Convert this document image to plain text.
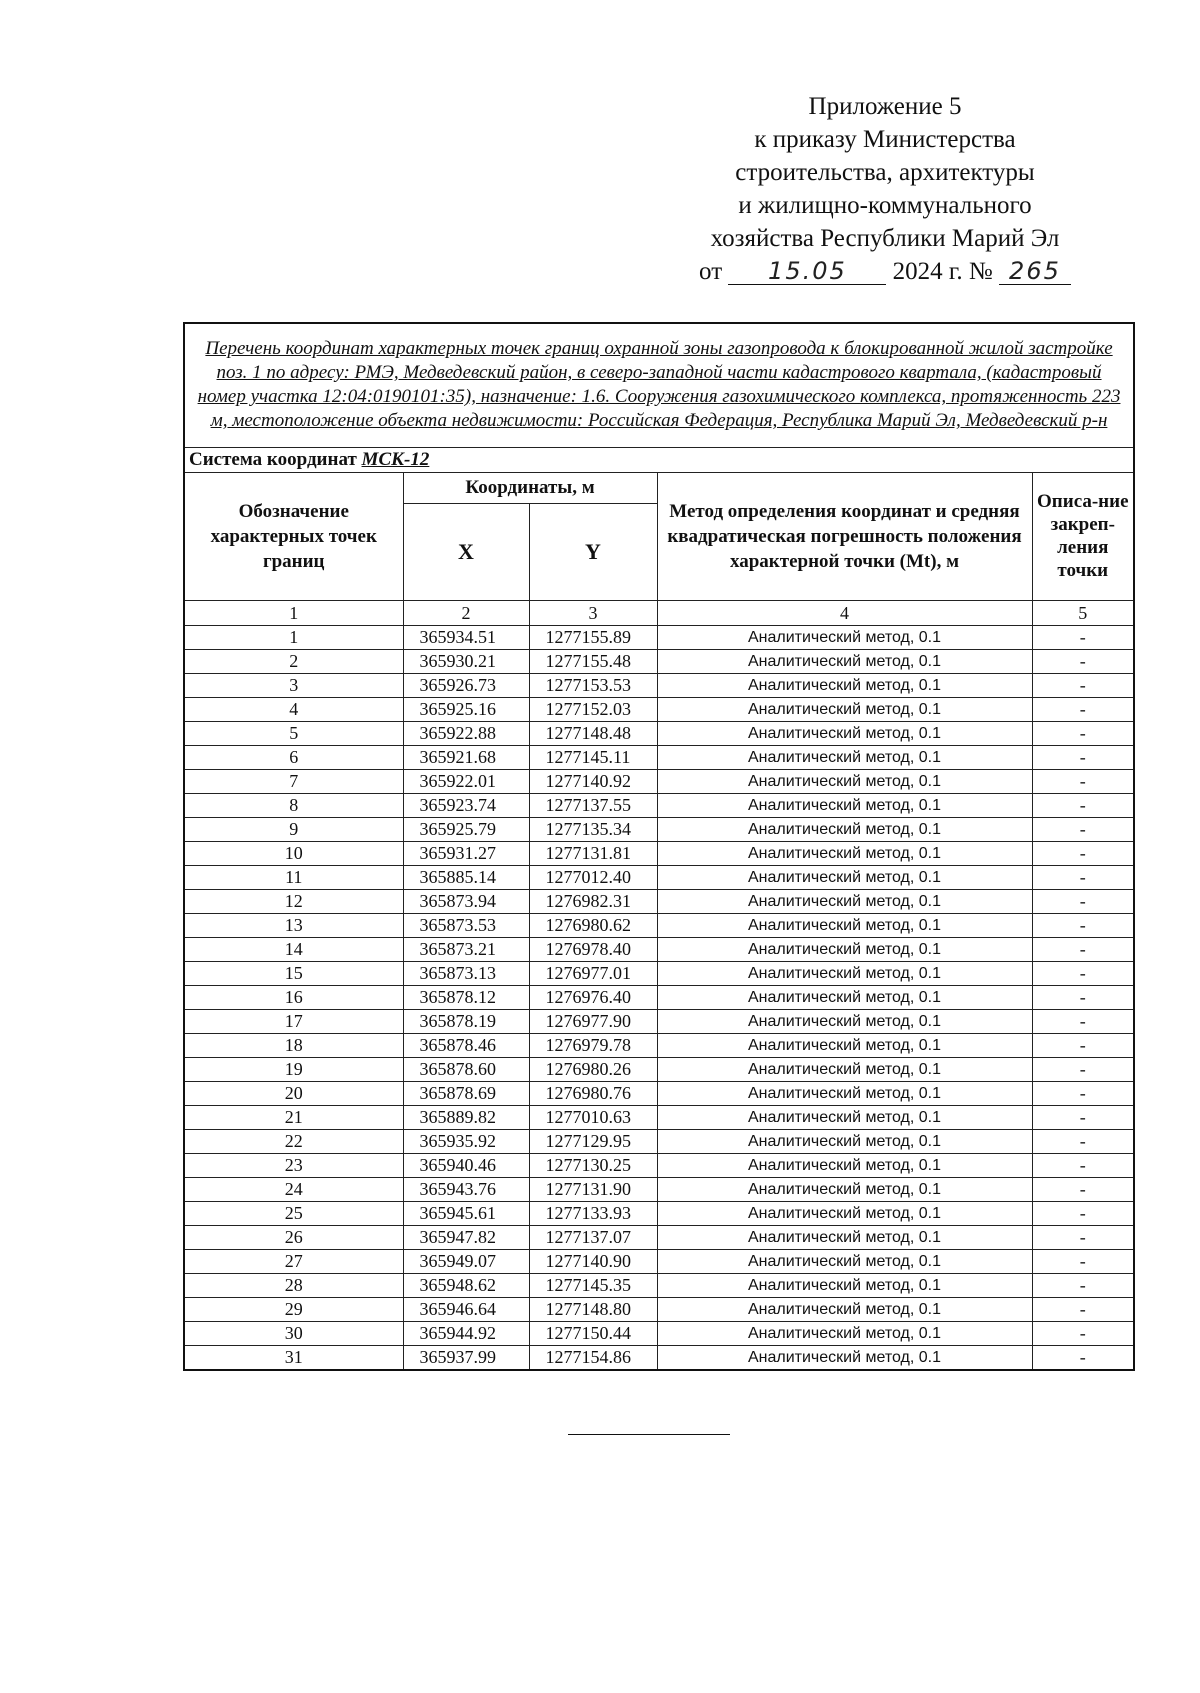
Приложение 5
к приказу Министерства
строительства, архитектуры
и жилищно-коммунального
хозяйства Республики Марий Эл
от 15.05 2024 г. № 265
Перечень координат характерных точек границ охранной зоны газопровода к блокированной жилой застройке поз. 1 по адресу: РМЭ, Медведевский район, в северо-западной части кадастрового квартала, (кадастровый номер участка 12:04:0190101:35), назначение: 1.6. Сооружения газохимического комплекса, протяженность 223 м, местоположение объекта недвижимости: Российская Федерация, Республика Марий Эл, Медведевский р-н				
Система координат МСК-12				
Обозначение характерных точек границ	Координаты, м		Метод определения координат и средняя квадратическая погрешность положения характерной точки (Mt), м	Описа-ние закреп-ления точки
	X	Y		
1	2	3	4	5
1	365934.51	1277155.89	Аналитический метод, 0.1	-
2	365930.21	1277155.48	Аналитический метод, 0.1	-
3	365926.73	1277153.53	Аналитический метод, 0.1	-
4	365925.16	1277152.03	Аналитический метод, 0.1	-
5	365922.88	1277148.48	Аналитический метод, 0.1	-
6	365921.68	1277145.11	Аналитический метод, 0.1	-
7	365922.01	1277140.92	Аналитический метод, 0.1	-
8	365923.74	1277137.55	Аналитический метод, 0.1	-
9	365925.79	1277135.34	Аналитический метод, 0.1	-
10	365931.27	1277131.81	Аналитический метод, 0.1	-
11	365885.14	1277012.40	Аналитический метод, 0.1	-
12	365873.94	1276982.31	Аналитический метод, 0.1	-
13	365873.53	1276980.62	Аналитический метод, 0.1	-
14	365873.21	1276978.40	Аналитический метод, 0.1	-
15	365873.13	1276977.01	Аналитический метод, 0.1	-
16	365878.12	1276976.40	Аналитический метод, 0.1	-
17	365878.19	1276977.90	Аналитический метод, 0.1	-
18	365878.46	1276979.78	Аналитический метод, 0.1	-
19	365878.60	1276980.26	Аналитический метод, 0.1	-
20	365878.69	1276980.76	Аналитический метод, 0.1	-
21	365889.82	1277010.63	Аналитический метод, 0.1	-
22	365935.92	1277129.95	Аналитический метод, 0.1	-
23	365940.46	1277130.25	Аналитический метод, 0.1	-
24	365943.76	1277131.90	Аналитический метод, 0.1	-
25	365945.61	1277133.93	Аналитический метод, 0.1	-
26	365947.82	1277137.07	Аналитический метод, 0.1	-
27	365949.07	1277140.90	Аналитический метод, 0.1	-
28	365948.62	1277145.35	Аналитический метод, 0.1	-
29	365946.64	1277148.80	Аналитический метод, 0.1	-
30	365944.92	1277150.44	Аналитический метод, 0.1	-
31	365937.99	1277154.86	Аналитический метод, 0.1	-
